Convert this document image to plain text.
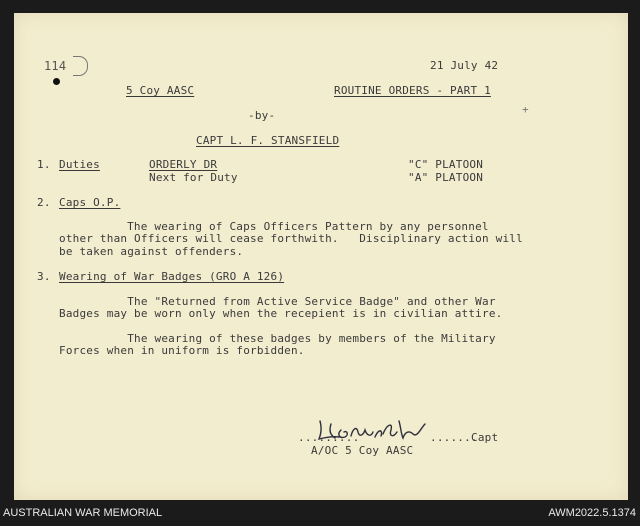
114	21 July 42
5 Coy AASC	ROUTINE ORDERS - PART 1
-by-	+
CAPT L. F. STANSFIELD
1. Duties	ORDERLY DR	"C" PLATOON
Next for Duty	"A" PLATOON
2. Caps O.P.
The wearing of Caps Officers Pattern by any personnel
other than Officers will cease forthwith.   Disciplinary action will
be taken against offenders.
3. Wearing of War Badges (GRO A 126)
The "Returned from Active Service Badge" and other War
Badges may be worn only when the recepient is in civilian attire.
The wearing of these badges by members of the Military
Forces when in uniform is forbidden.
.........	.......
Capt
A/OC 5 Coy AASC
AUSTRALIAN WAR MEMORIAL	AWM2022.5.1374
